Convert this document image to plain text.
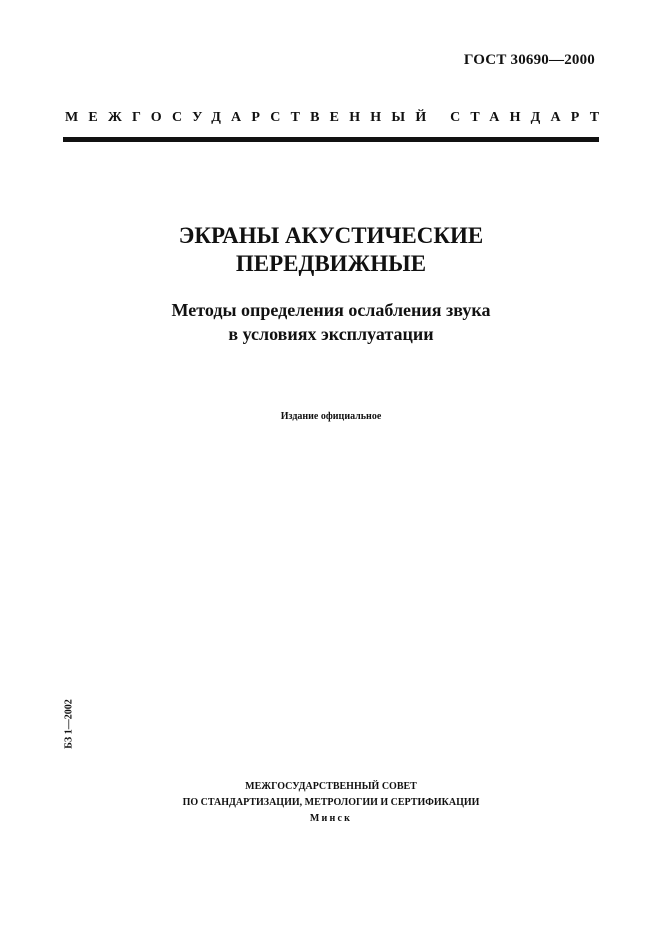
ГОСТ 30690—2000
МЕЖГОСУДАРСТВЕННЫЙ СТАНДАРТ
ЭКРАНЫ АКУСТИЧЕСКИЕ
ПЕРЕДВИЖНЫЕ
Методы определения ослабления звука
в условиях эксплуатации
Издание официальное
БЗ 1—2002
МЕЖГОСУДАРСТВЕННЫЙ СОВЕТ
ПО СТАНДАРТИЗАЦИИ, МЕТРОЛОГИИ И СЕРТИФИКАЦИИ
Минск
